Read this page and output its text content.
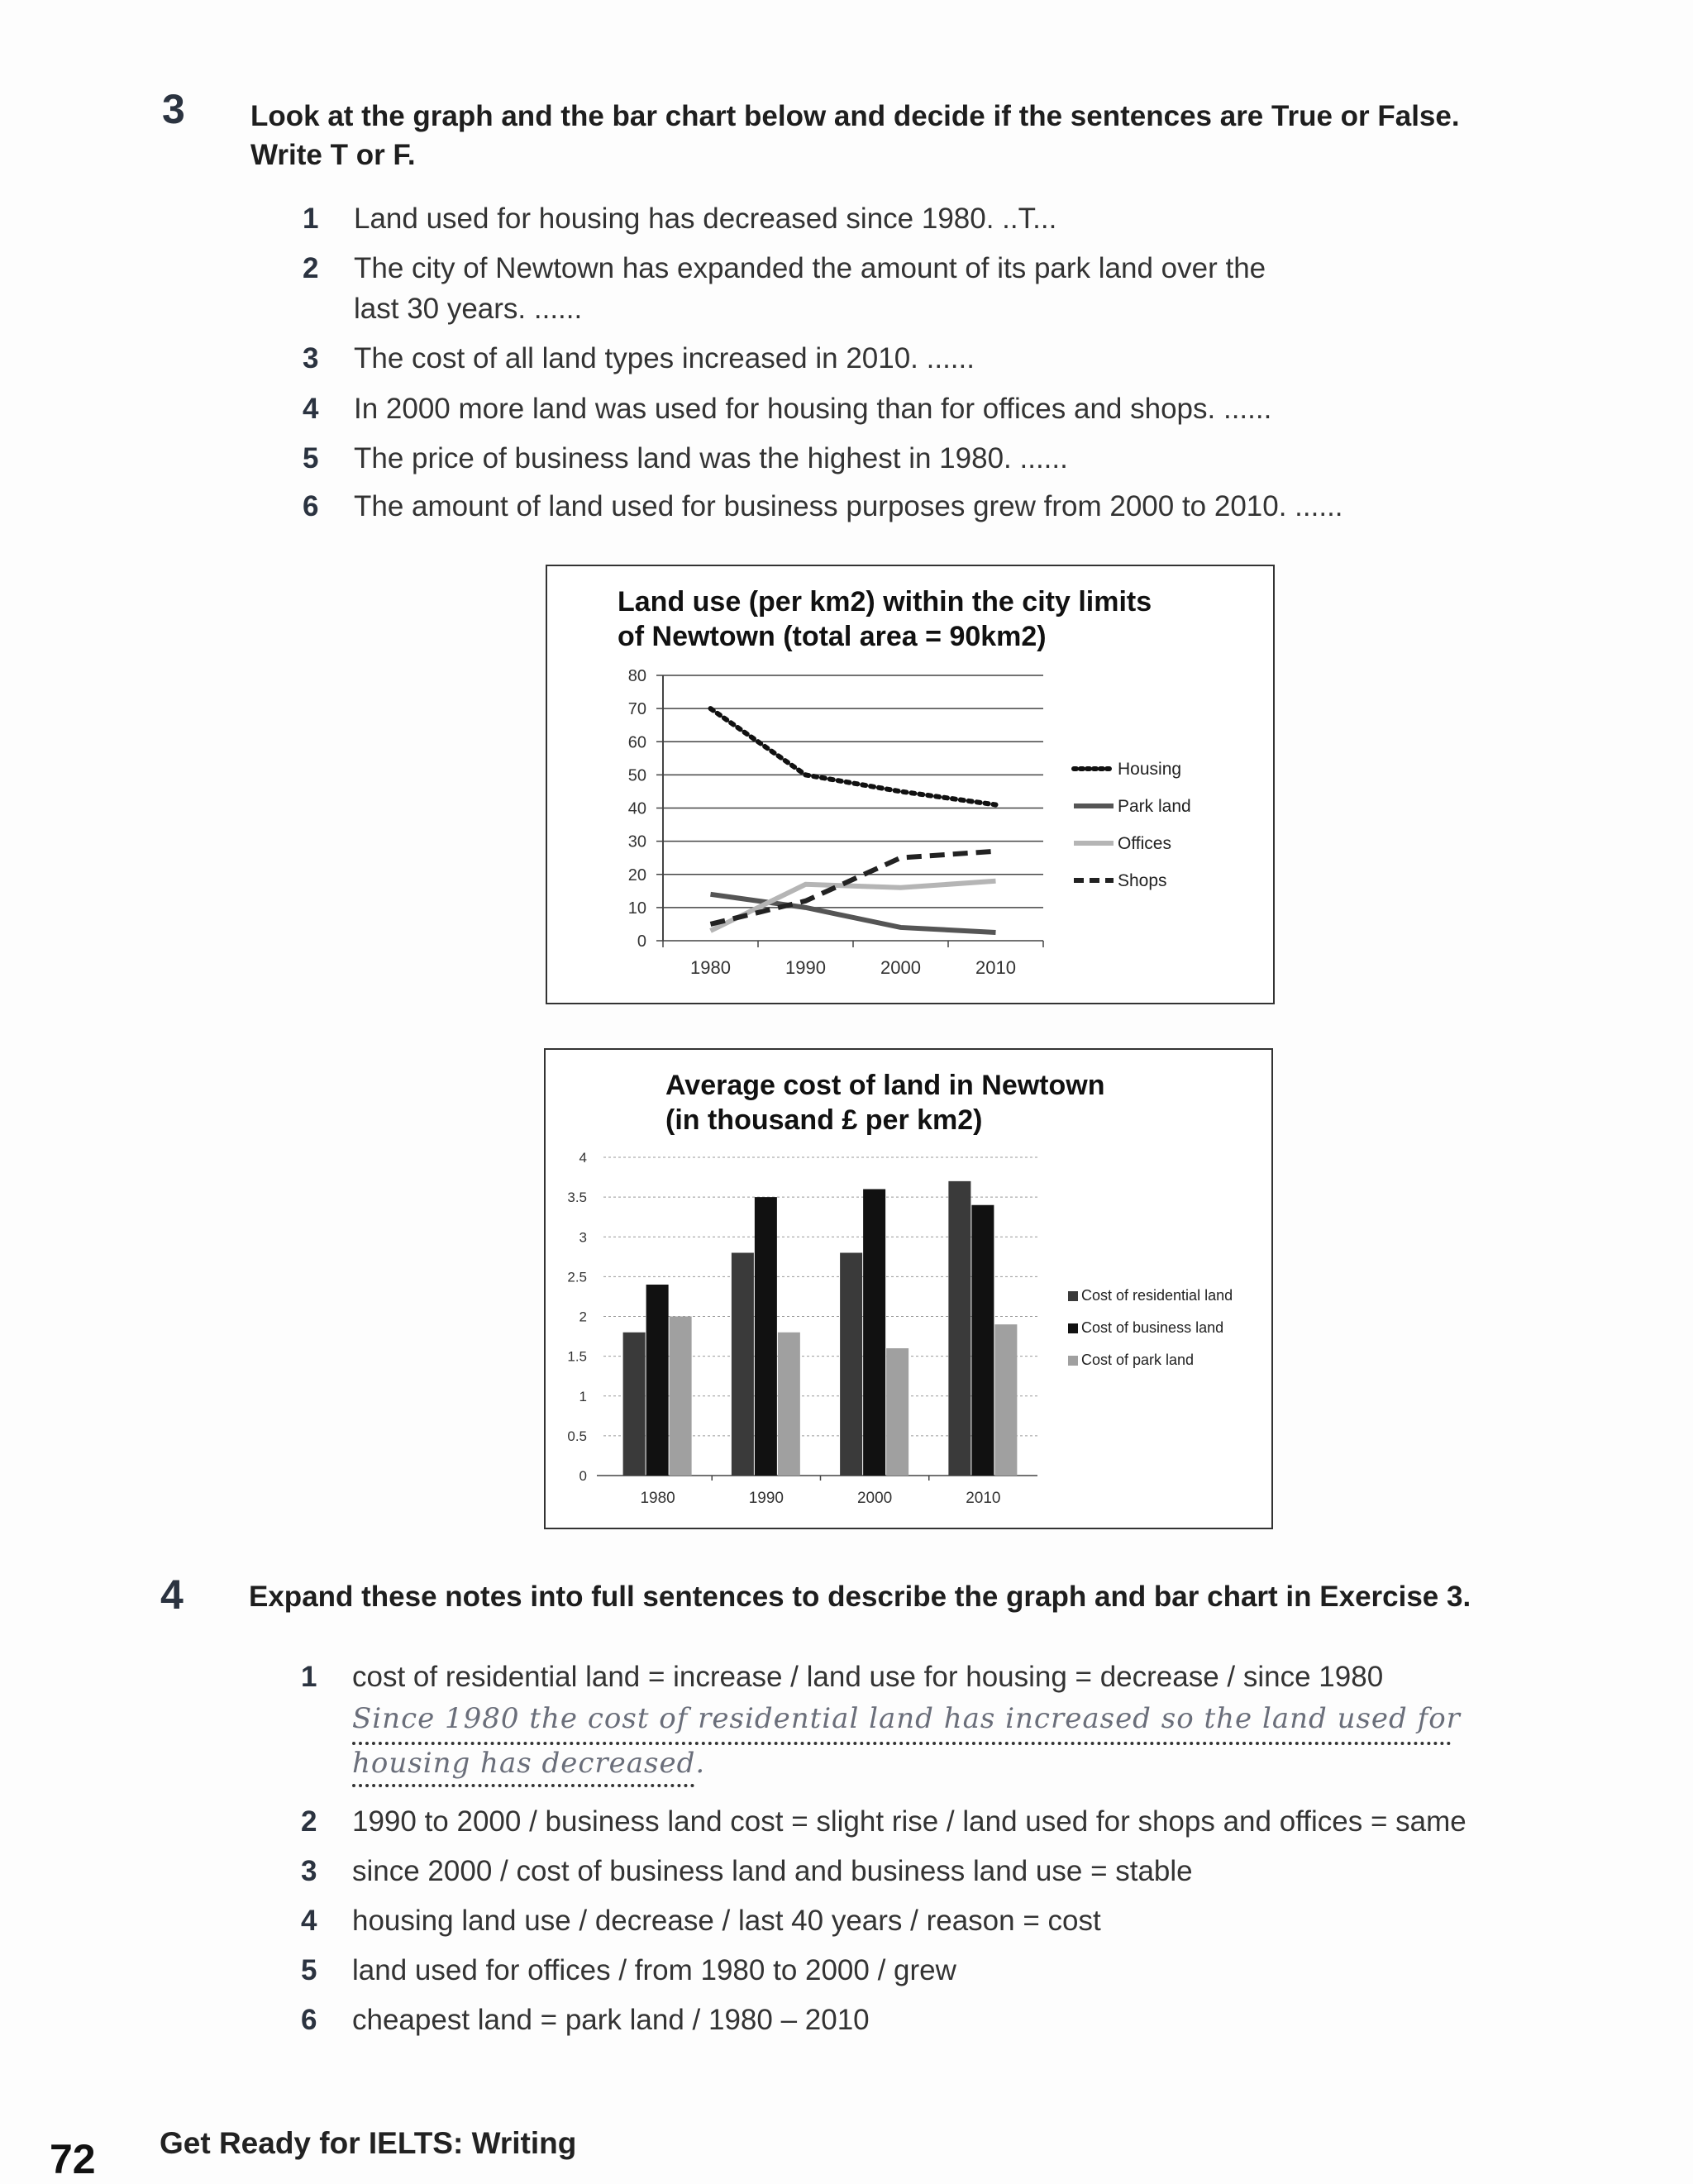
3 Look at the graph and the bar chart below and decide if the sentences are True or False.
Write T or F.
1 Land used for housing has decreased since 1980. ..T...
2 The city of Newtown has expanded the amount of its park land over the
last 30 years. ......
3 The cost of all land types increased in 2010. ......
4 In 2000 more land was used for housing than for offices and shops. ......
5 The price of business land was the highest in 1980. ......
6 The amount of land used for business purposes grew from 2000 to 2010. ......
Land use (per km2) within the city limits
of Newtown (total area = 90km2)
0
10
20
30
40
50
60
70
80
1980	1990	2000	2010
Housing
Park land
Offices
Shops
Average cost of land in Newtown
(in thousand £ per km2)
0
0.5
1
1.5
2
2.5
3
3.5
4
1980	1990	2000	2010
Cost of residential land
Cost of business land
Cost of park land
4 Expand these notes into full sentences to describe the graph and bar chart in Exercise 3.
1 cost of residential land = increase / land use for housing = decrease / since 1980
Since 1980 the cost of residential land has increased so the land used for
housing has decreased.
2 1990 to 2000 / business land cost = slight rise / land used for shops and offices = same
3 since 2000 / cost of business land and business land use = stable
4 housing land use / decrease / last 40 years / reason = cost
5 land used for offices / from 1980 to 2000 / grew
6 cheapest land = park land / 1980 – 2010
72 Get Ready for IELTS: Writing
